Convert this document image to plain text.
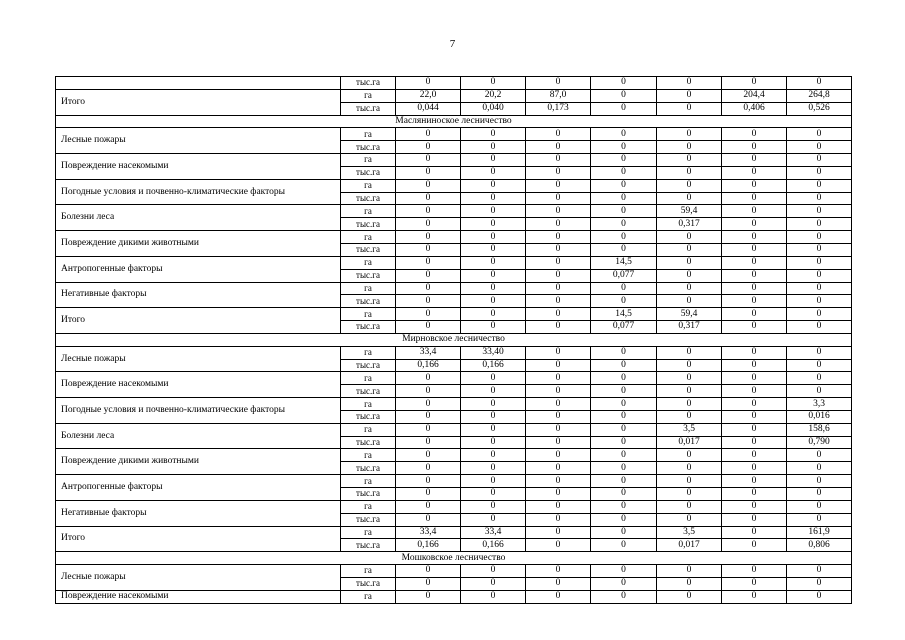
7
	тыс.га	0	0	0	0	0	0	0
Итого	га	22,0	20,2	87,0	0	0	204,4	264,8
	тыс.га	0,044	0,040	0,173	0	0	0,406	0,526
Масляниноское лесничество								
Лесные пожары	га	0	0	0	0	0	0	0
	тыс.га	0	0	0	0	0	0	0
Повреждение насекомыми	га	0	0	0	0	0	0	0
	тыс.га	0	0	0	0	0	0	0
Погодные условия и почвенно-климатические факторы	га	0	0	0	0	0	0	0
	тыс.га	0	0	0	0	0	0	0
Болезни леса	га	0	0	0	0	59,4	0	0
	тыс.га	0	0	0	0	0,317	0	0
Повреждение дикими животными	га	0	0	0	0	0	0	0
	тыс.га	0	0	0	0	0	0	0
Антропогенные факторы	га	0	0	0	14,5	0	0	0
	тыс.га	0	0	0	0,077	0	0	0
Негативные факторы	га	0	0	0	0	0	0	0
	тыс.га	0	0	0	0	0	0	0
Итого	га	0	0	0	14,5	59,4	0	0
	тыс.га	0	0	0	0,077	0,317	0	0
Мирновское лесничество								
Лесные пожары	га	33,4	33,40	0	0	0	0	0
	тыс.га	0,166	0,166	0	0	0	0	0
Повреждение насекомыми	га	0	0	0	0	0	0	0
	тыс.га	0	0	0	0	0	0	0
Погодные условия и почвенно-климатические факторы	га	0	0	0	0	0	0	3,3
	тыс.га	0	0	0	0	0	0	0,016
Болезни леса	га	0	0	0	0	3,5	0	158,6
	тыс.га	0	0	0	0	0,017	0	0,790
Повреждение дикими животными	га	0	0	0	0	0	0	0
	тыс.га	0	0	0	0	0	0	0
Антропогенные факторы	га	0	0	0	0	0	0	0
	тыс.га	0	0	0	0	0	0	0
Негативные факторы	га	0	0	0	0	0	0	0
	тыс.га	0	0	0	0	0	0	0
Итого	га	33,4	33,4	0	0	3,5	0	161,9
	тыс.га	0,166	0,166	0	0	0,017	0	0,806
Мошковское лесничество								
Лесные пожары	га	0	0	0	0	0	0	0
	тыс.га	0	0	0	0	0	0	0
Повреждение насекомыми	га	0	0	0	0	0	0	0
